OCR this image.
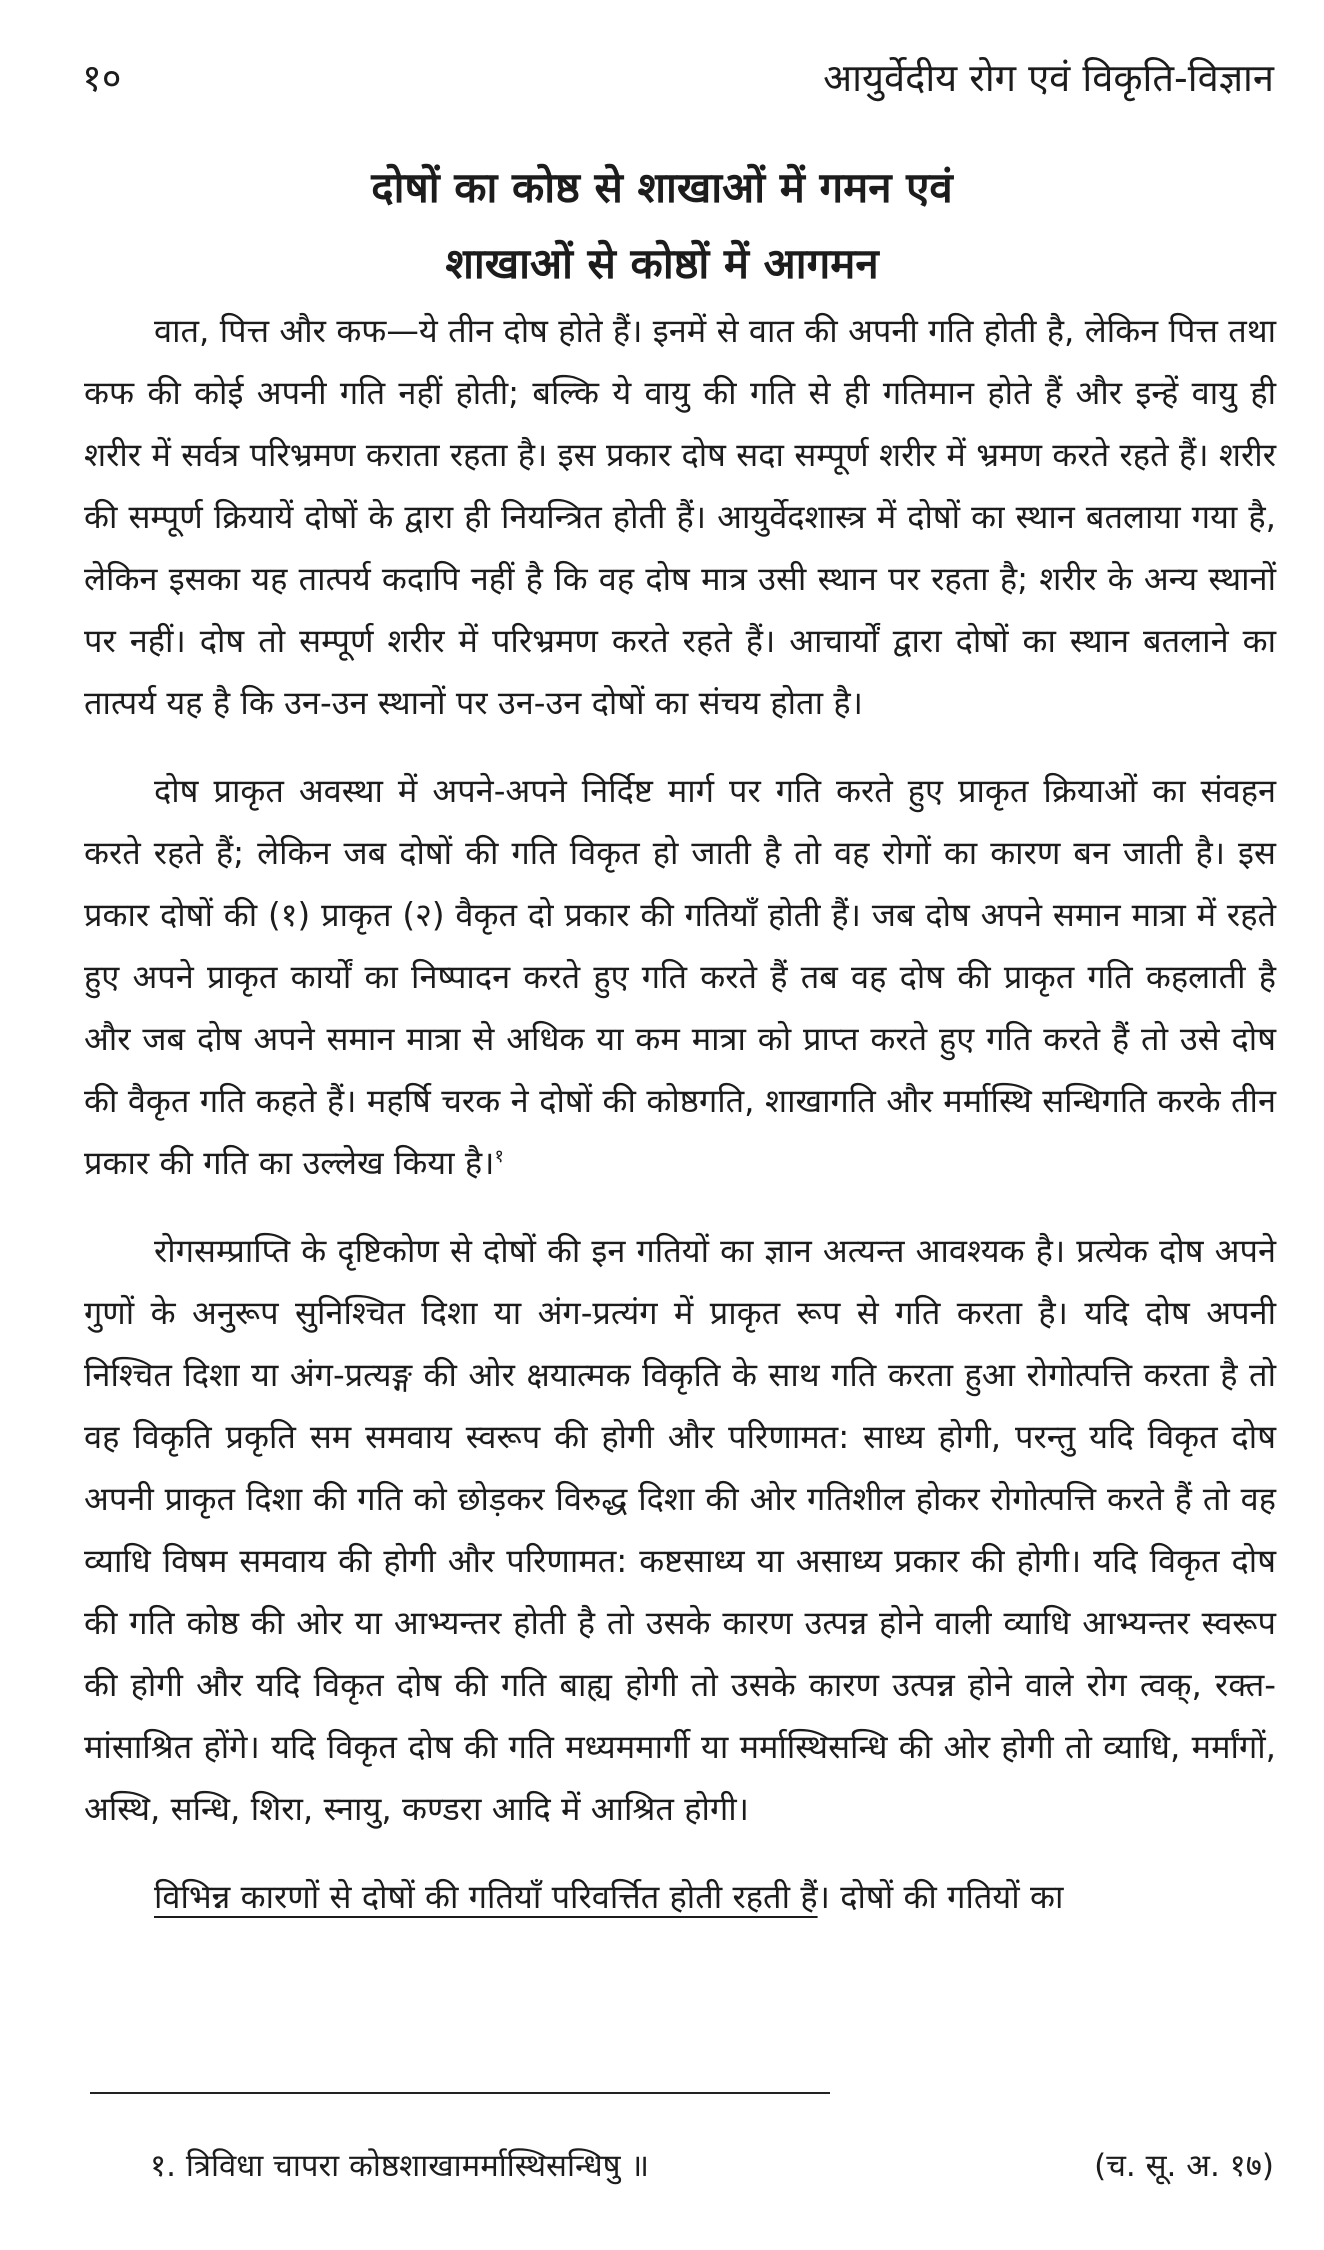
१०	आयुर्वेदीय रोग एवं विकृति-विज्ञान
दोषों का कोष्ठ से शाखाओं में गमन एवं
शाखाओं से कोष्ठों में आगमन

वात, पित्त और कफ—ये तीन दोष होते हैं। इनमें से वात की अपनी गति होती है, लेकिन पित्त तथा कफ की कोई अपनी गति नहीं होती; बल्कि ये वायु की गति से ही गतिमान होते हैं और इन्हें वायु ही शरीर में सर्वत्र परिभ्रमण कराता रहता है। इस प्रकार दोष सदा सम्पूर्ण शरीर में भ्रमण करते रहते हैं। शरीर की सम्पूर्ण क्रियायें दोषों के द्वारा ही नियन्त्रित होती हैं। आयुर्वेदशास्त्र में दोषों का स्थान बतलाया गया है, लेकिन इसका यह तात्पर्य कदापि नहीं है कि वह दोष मात्र उसी स्थान पर रहता है; शरीर के अन्य स्थानों पर नहीं। दोष तो सम्पूर्ण शरीर में परिभ्रमण करते रहते हैं। आचार्यों द्वारा दोषों का स्थान बतलाने का तात्पर्य यह है कि उन-उन स्थानों पर उन-उन दोषों का संचय होता है।

दोष प्राकृत अवस्था में अपने-अपने निर्दिष्ट मार्ग पर गति करते हुए प्राकृत क्रियाओं का संवहन करते रहते हैं; लेकिन जब दोषों की गति विकृत हो जाती है तो वह रोगों का कारण बन जाती है। इस प्रकार दोषों की (१) प्राकृत (२) वैकृत दो प्रकार की गतियाँ होती हैं। जब दोष अपने समान मात्रा में रहते हुए अपने प्राकृत कार्यों का निष्पादन करते हुए गति करते हैं तब वह दोष की प्राकृत गति कहलाती है और जब दोष अपने समान मात्रा से अधिक या कम मात्रा को प्राप्त करते हुए गति करते हैं तो उसे दोष की वैकृत गति कहते हैं। महर्षि चरक ने दोषों की कोष्ठगति, शाखागति और मर्मास्थि सन्धिगति करके तीन प्रकार की गति का उल्लेख किया है।$^१$

रोगसम्प्राप्ति के दृष्टिकोण से दोषों की इन गतियों का ज्ञान अत्यन्त आवश्यक है। प्रत्येक दोष अपने गुणों के अनुरूप सुनिश्चित दिशा या अंग-प्रत्यंग में प्राकृत रूप से गति करता है। यदि दोष अपनी निश्चित दिशा या अंग-प्रत्यङ्ग की ओर क्षयात्मक विकृति के साथ गति करता हुआ रोगोत्पत्ति करता है तो वह विकृति प्रकृति सम समवाय स्वरूप की होगी और परिणामत: साध्य होगी, परन्तु यदि विकृत दोष अपनी प्राकृत दिशा की गति को छोड़कर विरुद्ध दिशा की ओर गतिशील होकर रोगोत्पत्ति करते हैं तो वह व्याधि विषम समवाय की होगी और परिणामत: कष्टसाध्य या असाध्य प्रकार की होगी। यदि विकृत दोष की गति कोष्ठ की ओर या आभ्यन्तर होती है तो उसके कारण उत्पन्न होने वाली व्याधि आभ्यन्तर स्वरूप की होगी और यदि विकृत दोष की गति बाह्य होगी तो उसके कारण उत्पन्न होने वाले रोग त्वक्, रक्त-मांसाश्रित होंगे। यदि विकृत दोष की गति मध्यममार्गी या मर्मास्थिसन्धि की ओर होगी तो व्याधि, मर्मांगों, अस्थि, सन्धि, शिरा, स्नायु, कण्डरा आदि में आश्रित होगी।

विभिन्न कारणों से दोषों की गतियाँ परिवर्त्तित होती रहती हैं। दोषों की गतियों का

१. त्रिविधा चापरा कोष्ठशाखामर्मास्थिसन्धिषु ॥	(च. सू. अ. १७)
